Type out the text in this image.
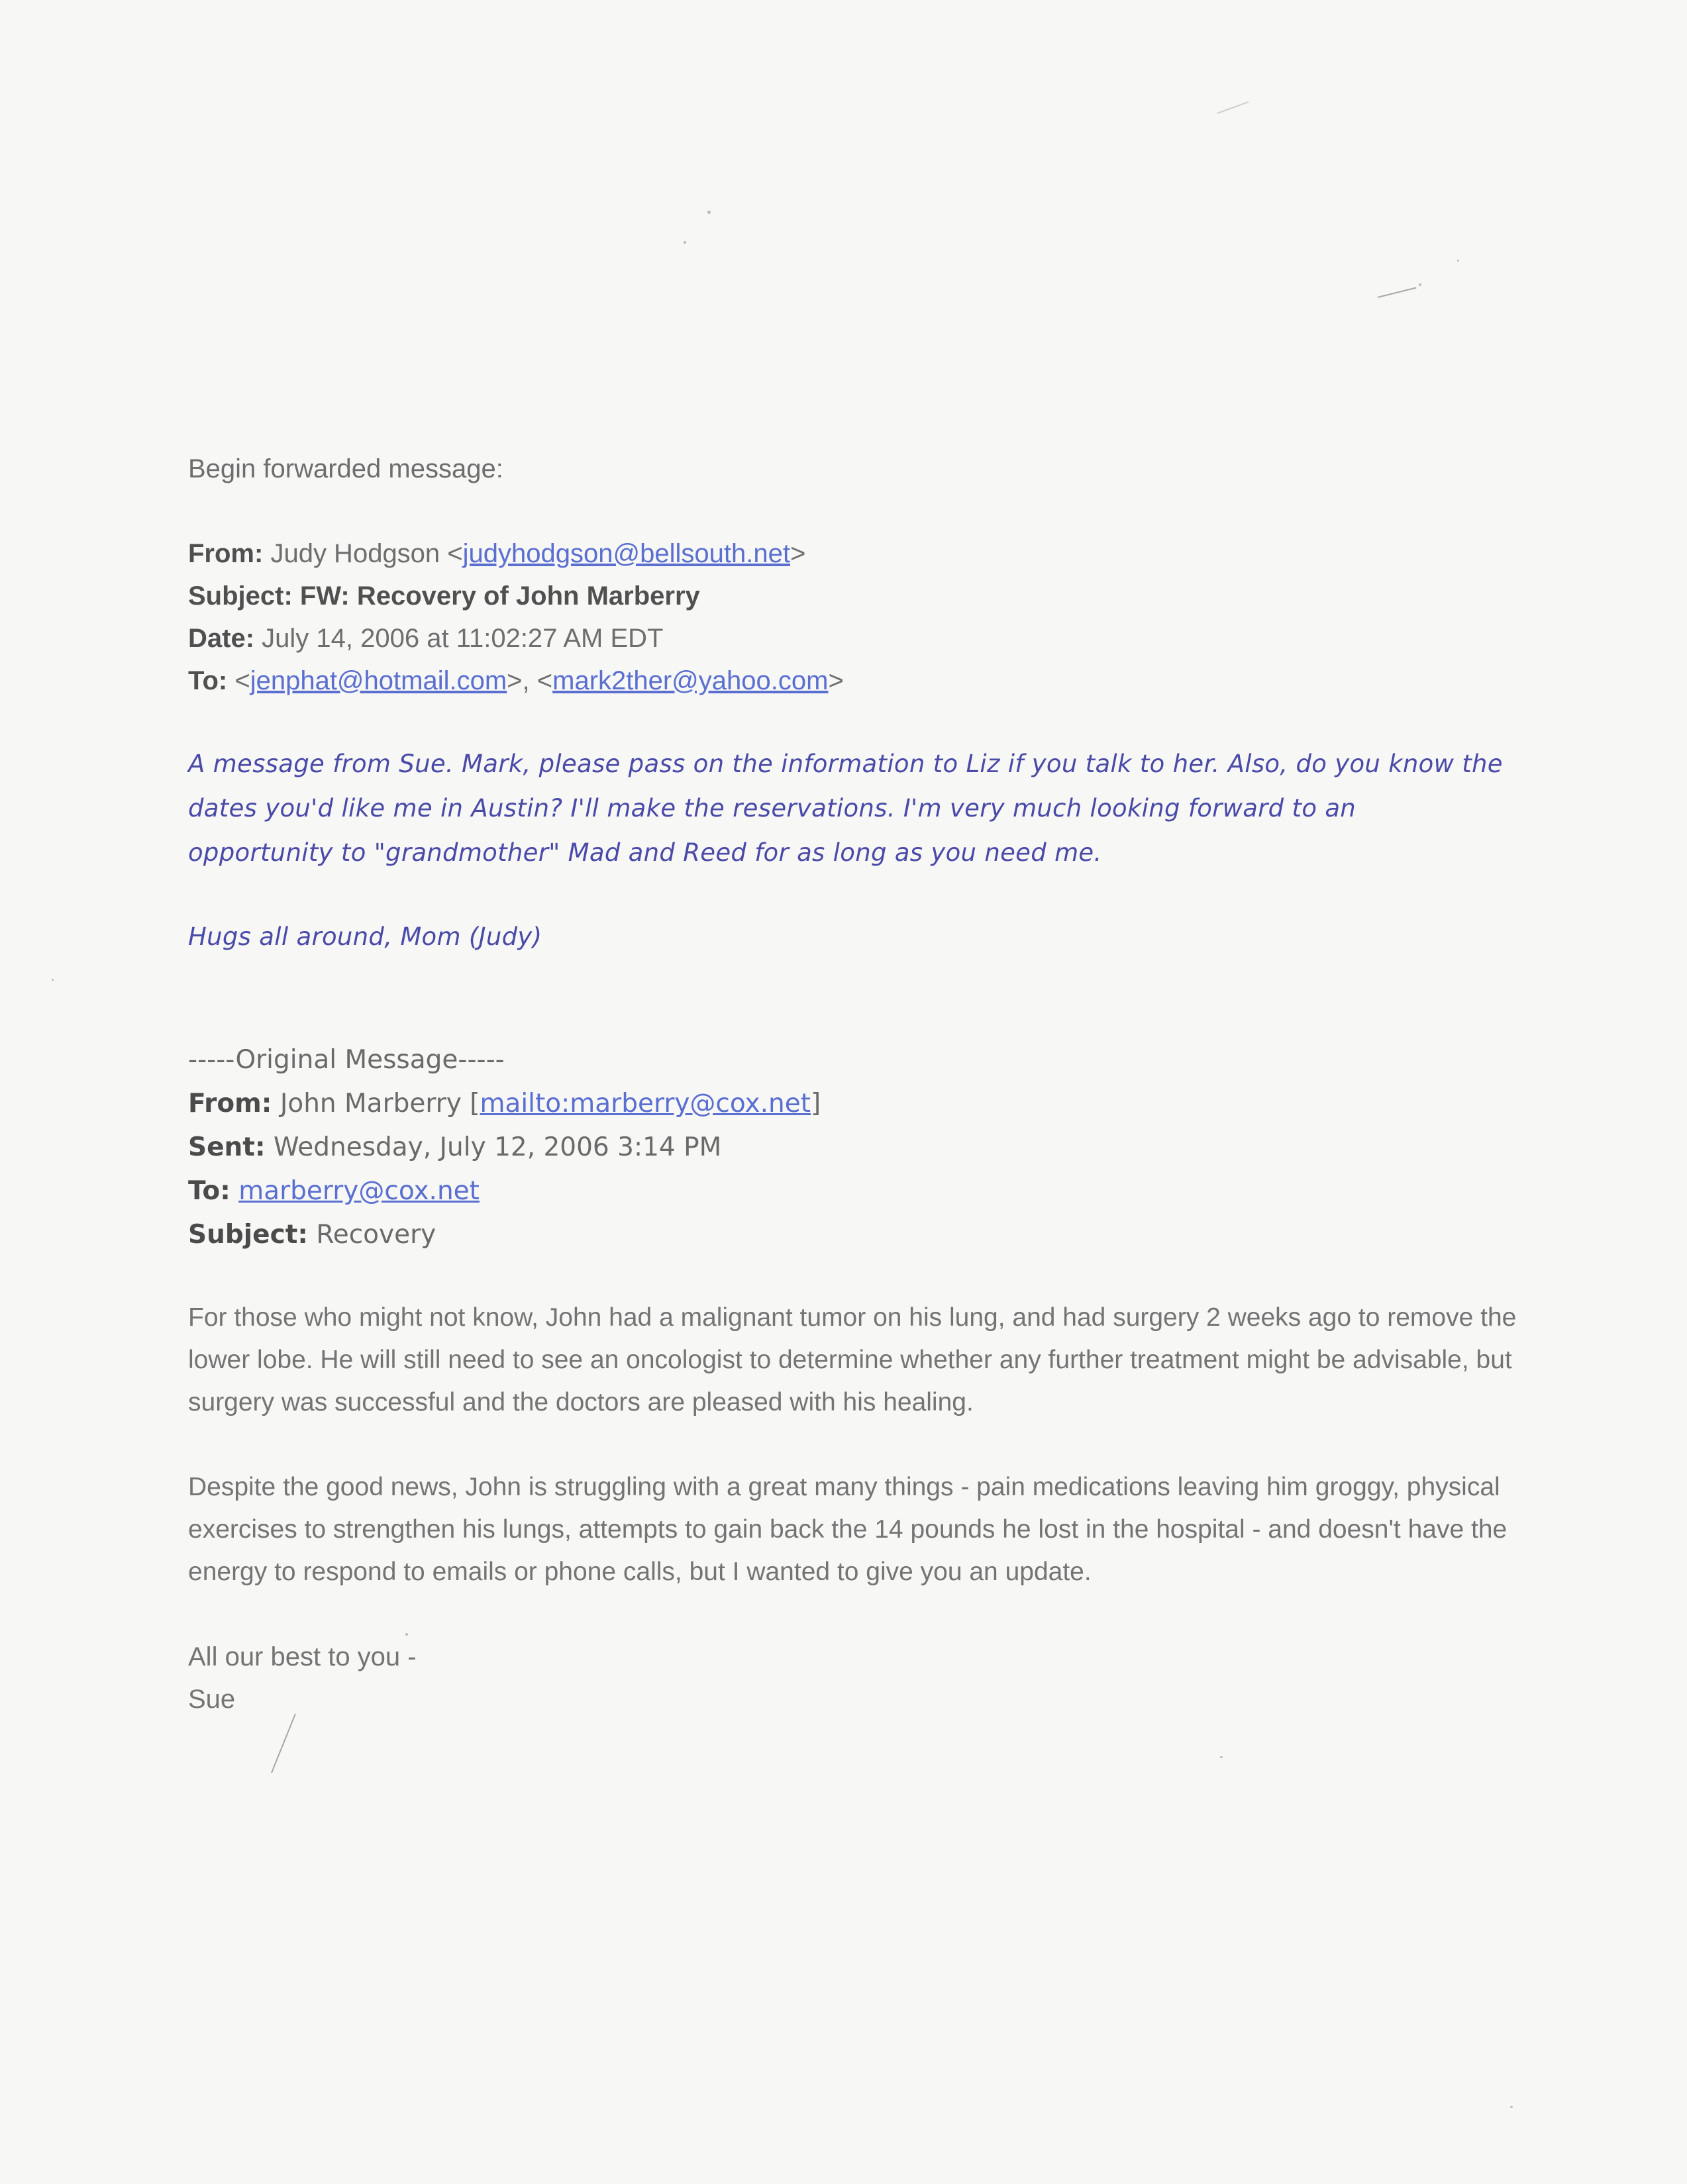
Begin forwarded message:
From: Judy Hodgson <judyhodgson@bellsouth.net>
Subject: FW: Recovery of John Marberry
Date: July 14, 2006 at 11:02:27 AM EDT
To: <jenphat@hotmail.com>, <mark2ther@yahoo.com>
A message from Sue. Mark, please pass on the information to Liz if you talk to her. Also, do you know the dates you'd like me in Austin? I'll make the reservations. I'm very much looking forward to an opportunity to "grandmother" Mad and Reed for as long as you need me.
Hugs all around, Mom (Judy)
-----Original Message-----
From: John Marberry [mailto:marberry@cox.net]
Sent: Wednesday, July 12, 2006 3:14 PM
To: marberry@cox.net
Subject: Recovery
For those who might not know, John had a malignant tumor on his lung, and had surgery 2 weeks ago to remove the lower lobe. He will still need to see an oncologist to determine whether any further treatment might be advisable, but surgery was successful and the doctors are pleased with his healing.
Despite the good news, John is struggling with a great many things - pain medications leaving him groggy, physical exercises to strengthen his lungs, attempts to gain back the 14 pounds he lost in the hospital - and doesn't have the energy to respond to emails or phone calls, but I wanted to give you an update.
All our best to you -
Sue
